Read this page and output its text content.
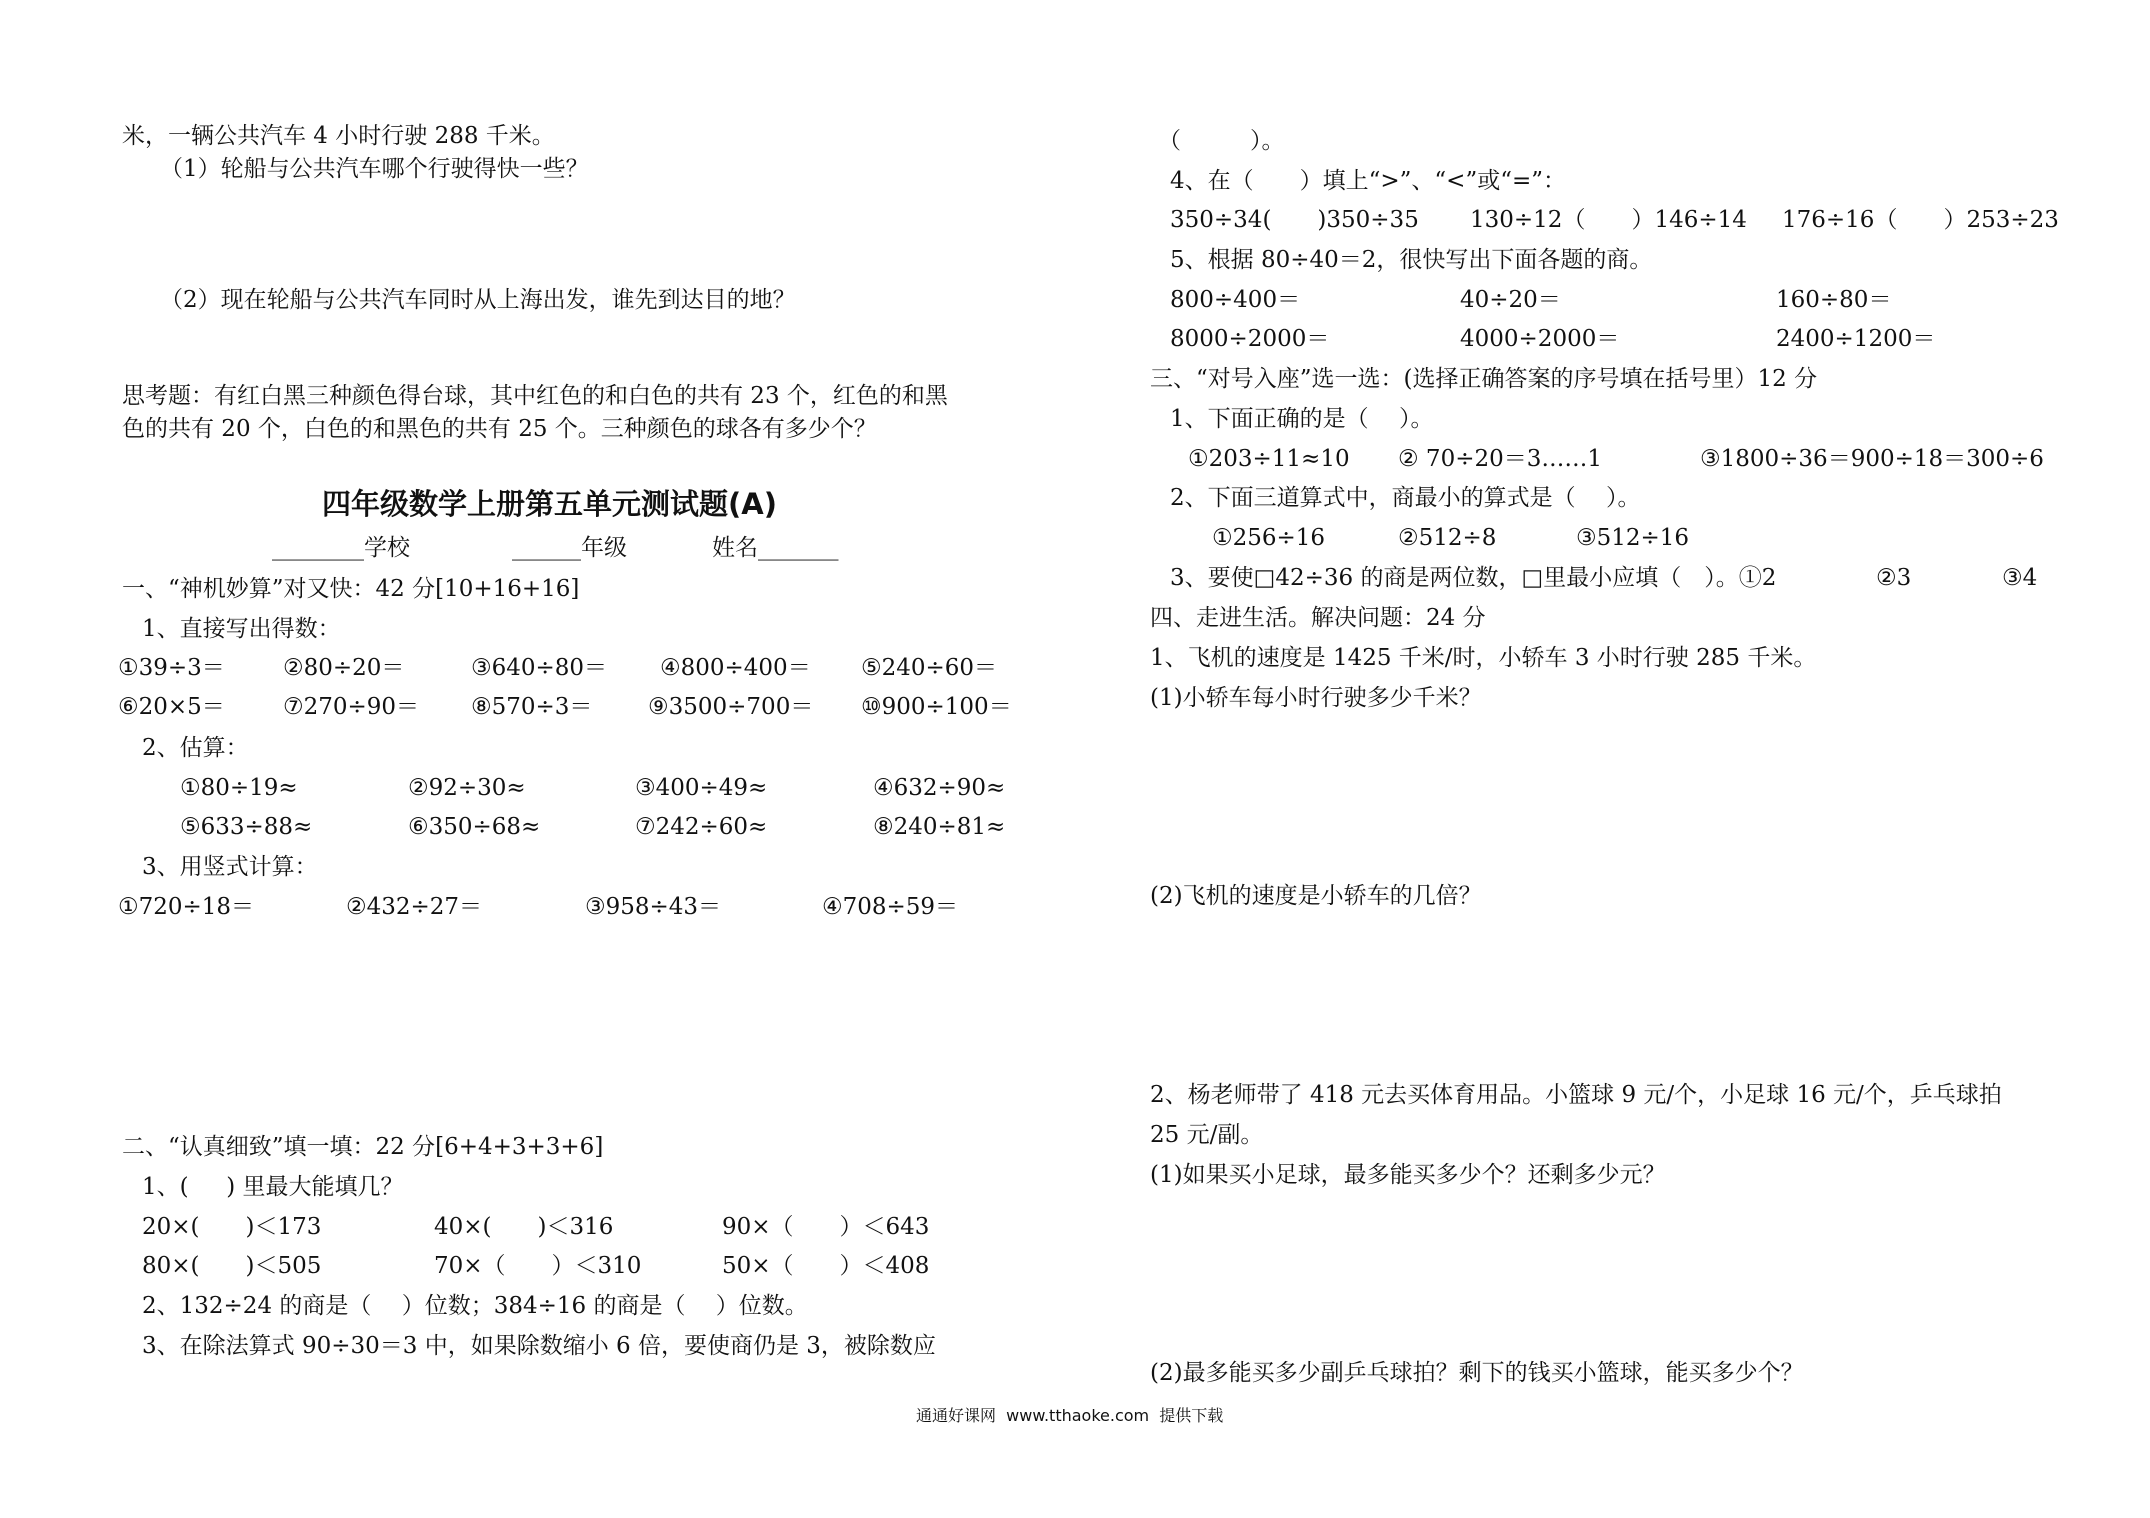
米，一辆公共汽车 4 小时行驶 288 千米。
（1）轮船与公共汽车哪个行驶得快一些？
（2）现在轮船与公共汽车同时从上海出发，谁先到达目的地？
思考题：有红白黑三种颜色得台球，其中红色的和白色的共有 23 个，红色的和黑
色的共有 20 个，白色的和黑色的共有 25 个。三种颜色的球各有多少个？
四年级数学上册第五单元测试题(A)
________学校	______年级	姓名_______
一、“神机妙算”对又快：42 分[10+16+16]
1、直接写出得数：
①39÷3＝	②80÷20＝	③640÷80＝ ④800÷400＝ ⑤240÷60＝
⑥20×5＝	⑦270÷90＝ ⑧570÷3＝ ⑨3500÷700＝ ⑩900÷100＝
2、估算：
①80÷19≈	②92÷30≈	③400÷49≈	④632÷90≈
⑤633÷88≈	⑥350÷68≈	⑦242÷60≈	⑧240÷81≈
3、用竖式计算：
①720÷18＝	②432÷27＝	③958÷43＝	④708÷59＝
二、“认真细致”填一填：22 分[6+4+3+3+6]
1、(　  ) 里最大能填几？
20×(　　)＜173	40×(　　)＜316	90×（　　）＜643
80×(　　)＜505	70×（　　）＜310	50×（　　）＜408
2、132÷24 的商是（　 ）位数；384÷16 的商是（　 ）位数。
3、在除法算式 90÷30＝3 中，如果除数缩小 6 倍，要使商仍是 3，被除数应
（　　　）。
4、在（　　）填上“>”、“<”或“=”：
350÷34(　　)350÷35 130÷12（　　）146÷14 176÷16（　　）253÷23
5、根据 80÷40＝2，很快写出下面各题的商。
800÷400＝	40÷20＝	160÷80＝
8000÷2000＝	4000÷2000＝	2400÷1200＝
三、“对号入座”选一选：(选择正确答案的序号填在括号里）12 分
1、下面正确的是（　 ）。
①203÷11≈10 ② 70÷20＝3……1	③1800÷36＝900÷18＝300÷6
2、下面三道算式中，商最小的算式是（　 ）。
①256÷16	②512÷8	③512÷16
3、要使□42÷36 的商是两位数，□里最小应填（　）。①2	②3	③4
四、走进生活。解决问题：24 分
1、飞机的速度是 1425 千米/时，小轿车 3 小时行驶 285 千米。
(1)小轿车每小时行驶多少千米？
(2)飞机的速度是小轿车的几倍？
2、杨老师带了 418 元去买体育用品。小篮球 9 元/个，小足球 16 元/个，乒乓球拍
25 元/副。
(1)如果买小足球，最多能买多少个？还剩多少元？
(2)最多能买多少副乒乓球拍？剩下的钱买小篮球，能买多少个？
通通好课网  www.tthaoke.com  提供下载
